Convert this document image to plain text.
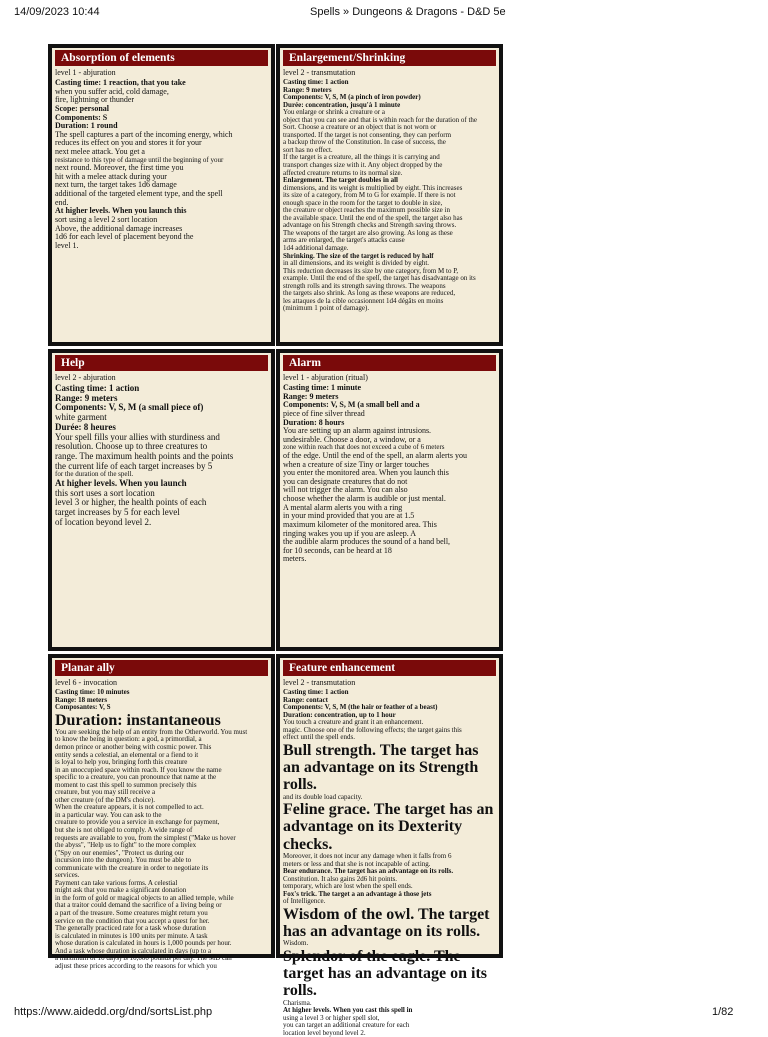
14/09/2023 10:44	Spells » Dungeons & Dragons - D&D 5e
Absorption of elements
level 1 - abjuration

Casting time: 1 reaction, that you take

when you suffer acid, cold damage,

fire, lightning or thunder

Scope: personal

Components: S

Duration: 1 round

The spell captures a part of the incoming energy, which

reduces its effect on you and stores it for your

next melee attack. You get a

resistance to this type of damage until the beginning of your

next round. Moreover, the first time you

hit with a melee attack during your

next turn, the target takes 1d6 damage

additional of the targeted element type, and the spell

end.

At higher levels. When you launch this

sort using a level 2 sort location

Above, the additional damage increases

1d6 for each level of placement beyond the

level 1.

Enlargement/Shrinking
level 2 - transmutation

Casting time: 1 action

Range: 9 meters

Components: V, S, M (a pinch of iron powder)

Durée: concentration, jusqu'à 1 minute

You enlarge or shrink a creature or a

object that you can see and that is within reach for the duration of the

Sort. Choose a creature or an object that is not worn or

transported. If the target is not consenting, they can perform

a backup throw of the Constitution. In case of success, the

sort has no effect.

If the target is a creature, all the things it is carrying and

transport changes size with it. Any object dropped by the

affected creature returns to its normal size.

Enlargement. The target doubles in all

dimensions, and its weight is multiplied by eight. This increases

its size of a category, from M to G for example. If there is not

enough space in the room for the target to double in size,

the creature or object reaches the maximum possible size in

the available space. Until the end of the spell, the target also has

advantage on his Strength checks and Strength saving throws.

The weapons of the target are also growing. As long as these

arms are enlarged, the target's attacks cause

1d4 additional damage.

Shrinking. The size of the target is reduced by half

in all dimensions, and its weight is divided by eight.

This reduction decreases its size by one category, from M to P,

example. Until the end of the spell, the target has disadvantage on its

strength rolls and its strength saving throws. The weapons

the targets also shrink. As long as these weapons are reduced,

les attaques de la cible occasionnent 1d4 dégâts en moins

(minimum 1 point of damage).

Help
level 2 - abjuration

Casting time: 1 action

Range: 9 meters

Components: V, S, M (a small piece of)

white garment

Durée: 8 heures

Your spell fills your allies with sturdiness and

resolution. Choose up to three creatures to

range. The maximum health points and the points

the current life of each target increases by 5

for the duration of the spell.

At higher levels. When you launch

this sort uses a sort location

level 3 or higher, the health points of each

target increases by 5 for each level

of location beyond level 2.

Alarm
level 1 - abjuration (ritual)

Casting time: 1 minute

Range: 9 meters

Components: V, S, M (a small bell and a

piece of fine silver thread

Duration: 8 hours

You are setting up an alarm against intrusions.

undesirable. Choose a door, a window, or a

zone within reach that does not exceed a cube of 6 meters

of the edge. Until the end of the spell, an alarm alerts you

when a creature of size Tiny or larger touches

you enter the monitored area. When you launch this

you can designate creatures that do not

will not trigger the alarm. You can also

choose whether the alarm is audible or just mental.

A mental alarm alerts you with a ring

in your mind provided that you are at 1.5

maximum kilometer of the monitored area. This

ringing wakes you up if you are asleep. A

the audible alarm produces the sound of a hand bell,

for 10 seconds, can be heard at 18

meters.

Planar ally
level 6 - invocation

Casting time: 10 minutes

Range: 18 meters

Composantes: V, S

Duration: instantaneous

You are seeking the help of an entity from the Otherworld. You must

to know the being in question: a god, a primordial, a

demon prince or another being with cosmic power. This

entity sends a celestial, an elemental or a fiend to it

is loyal to help you, bringing forth this creature

in an unoccupied space within reach. If you know the name

specific to a creature, you can pronounce that name at the

moment to cast this spell to summon precisely this

creature, but you may still receive a

other creature (of the DM's choice).

When the creature appears, it is not compelled to act.

in a particular way. You can ask to the

creature to provide you a service in exchange for payment,

but she is not obliged to comply. A wide range of

requests are available to you, from the simplest ("Make us hover

the abyss", "Help us to fight" to the more complex

("Spy on our enemies", "Protect us during our

incursion into the dungeon). You must be able to

communicate with the creature in order to negotiate its

services.

Payment can take various forms. A celestial

might ask that you make a significant donation

in the form of gold or magical objects to an allied temple, while

that a traitor could demand the sacrifice of a living being or

a part of the treasure. Some creatures might return you

service on the condition that you accept a quest for her.

The generally practiced rate for a task whose duration

is calculated in minutes is 100 units per minute. A task

whose duration is calculated in hours is 1,000 pounds per hour.

And a task whose duration is calculated in days (up to a

a maximum of 10 days) is 10,000 pounds per day. The MD can

adjust these prices according to the reasons for which you

Feature enhancement
level 2 - transmutation

Casting time: 1 action

Range: contact

Components: V, S, M (the hair or feather of a beast)

Duration: concentration, up to 1 hour

You touch a creature and grant it an enhancement.

magic. Choose one of the following effects; the target gains this

effect until the spell ends.

Bull strength. The target has an advantage on its Strength rolls.

and its double load capacity.

Feline grace. The target has an advantage on its Dexterity checks.

Moreover, it does not incur any damage when it falls from 6

meters or less and that she is not incapable of acting.

Bear endurance. The target has an advantage on its rolls.

Constitution. It also gains 2d6 hit points.

temporary, which are lost when the spell ends.

Fox's trick. The target a an advantage à those jets

of Intelligence.

Wisdom of the owl. The target has an advantage on its rolls.

Wisdom.

Splendor of the eagle. The target has an advantage on its rolls.

Charisma.

At higher levels. When you cast this spell in

using a level 3 or higher spell slot,

you can target an additional creature for each

location level beyond level 2.

https://www.aidedd.org/dnd/sortsList.php	1/82
